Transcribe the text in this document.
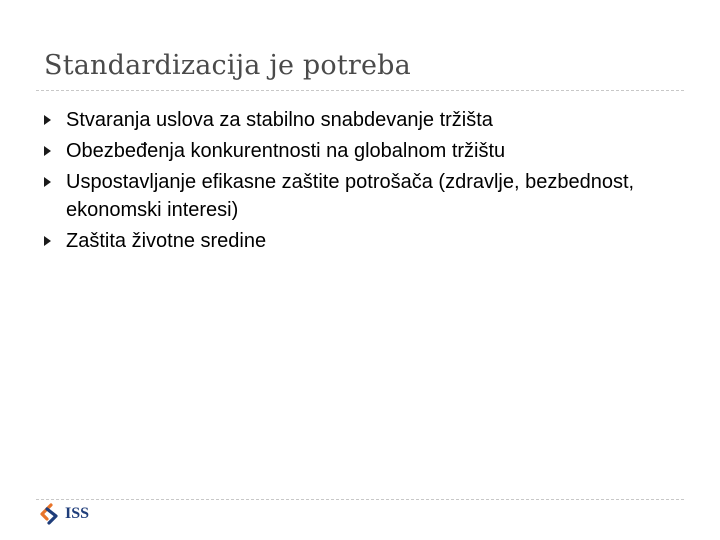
Standardizacija je potreba
Stvaranja uslova za stabilno snabdevanje tržišta
Obezbeđenja konkurentnosti na globalnom tržištu
Uspostavljanje efikasne zaštite potrošača (zdravlje, bezbednost, ekonomski interesi)
Zaštita životne sredine
ISS
